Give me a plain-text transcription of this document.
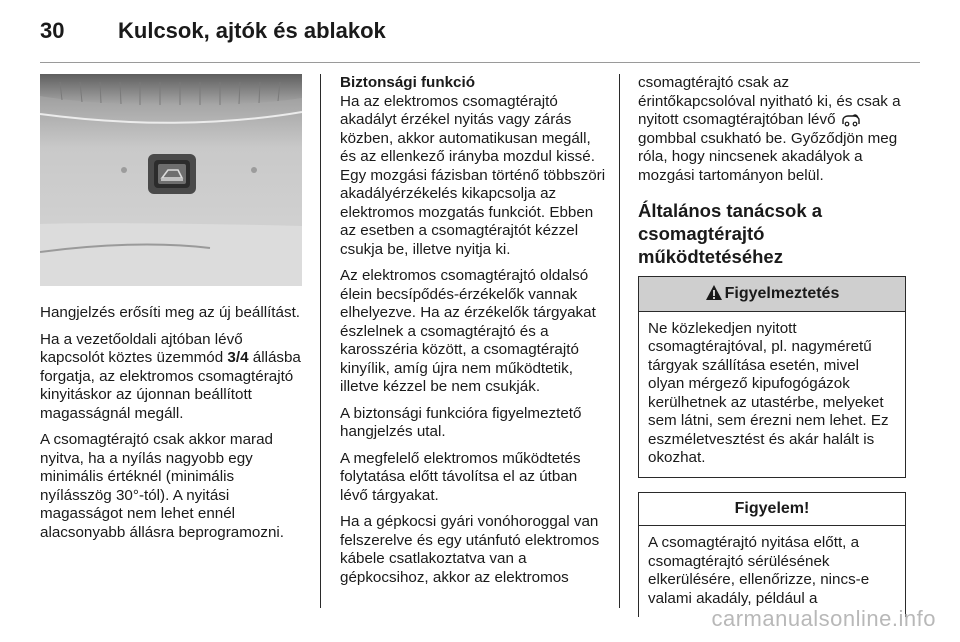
30 Kulcsok, ajtók és ablakok

Hangjelzés erősíti meg az új beállítást.

Ha a vezetőoldali ajtóban lévő kapcsolót köztes üzemmód 3/4 állásba forgatja, az elektromos csomagtérajtó kinyitáskor az újonnan beállított magasságnál megáll.

A csomagtérajtó csak akkor marad nyitva, ha a nyílás nagyobb egy minimális értéknél (minimális nyílásszög 30°-tól). A nyitási magasságot nem lehet ennél alacsonyabb állásra beprogramozni.

Biztonsági funkció

Ha az elektromos csomagtérajtó akadályt érzékel nyitás vagy zárás közben, akkor automatikusan megáll, és az ellenkező irányba mozdul kissé. Egy mozgási fázisban történő többszöri akadályérzékelés kikapcsolja az elektromos mozgatás funkciót. Ebben az esetben a csomagtérajtót kézzel csukja be, illetve nyitja ki.

Az elektromos csomagtérajtó oldalsó élein becsípődés-érzékelők vannak elhelyezve. Ha az érzékelők tárgyakat észlelnek a csomagtérajtó és a karosszéria között, a csomagtérajtó kinyílik, amíg újra nem működtetik, illetve kézzel be nem csukják.

A biztonsági funkcióra figyelmeztető hangjelzés utal.

A megfelelő elektromos működtetés folytatása előtt távolítsa el az útban lévő tárgyakat.

Ha a gépkocsi gyári vonóhoroggal van felszerelve és egy utánfutó elektromos kábele csatlakoztatva van a gépkocsihoz, akkor az elektromos

csomagtérajtó csak az érintőkapcsolóval nyitható ki, és csak a nyitott csomagtérajtóban lévő  gombbal csukható be. Győződjön meg róla, hogy nincsenek akadályok a mozgási tartományon belül.

Általános tanácsok a csomagtérajtó működtetéséhez
Figyelmeztetés
Ne közlekedjen nyitott csomagtérajtóval, pl. nagyméretű tárgyak szállítása esetén, mivel olyan mérgező kipufogógázok kerülhetnek az utastérbe, melyeket sem látni, sem érezni nem lehet. Ez eszméletvesztést és akár halált is okozhat.
Figyelem!
A csomagtérajtó nyitása előtt, a csomagtérajtó sérülésének elkerülésére, ellenőrizze, nincs-e valami akadály, például a
carmanualsonline.info
